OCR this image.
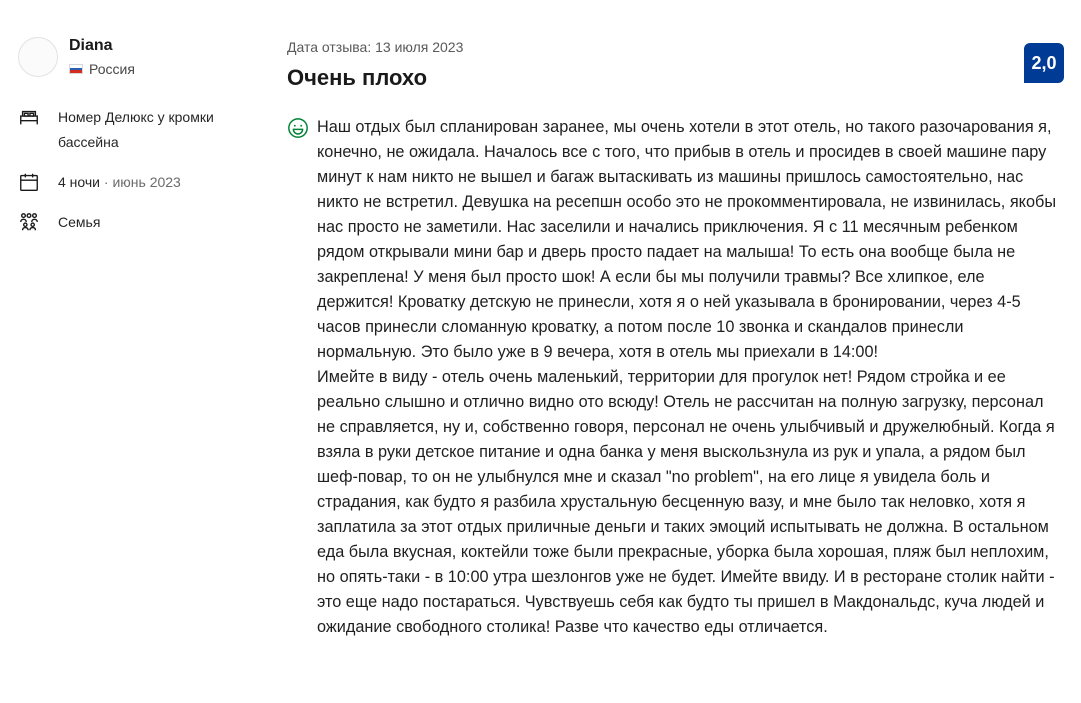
Diana
Россия
Номер Делюкс у кромки бассейна
4 ночи · июнь 2023
Семья
Дата отзыва: 13 июля 2023
Очень плохо
2,0

Наш отдых был спланирован заранее, мы очень хотели в этот отель, но такого разочарования я, конечно, не ожидала. Началось все с того, что прибыв в отель и просидев в своей машине пару минут к нам никто не вышел и багаж вытаскивать из машины пришлось самостоятельно, нас никто не встретил. Девушка на ресепшн особо это не прокомментировала, не извинилась, якобы нас просто не заметили. Нас заселили и начались приключения. Я с 11 месячным ребенком рядом открывали мини бар и дверь просто падает на малыша! То есть она вообще была не закреплена! У меня был просто шок! А если бы мы получили травмы? Все хлипкое, еле держится! Кроватку детскую не принесли, хотя я о ней указывала в бронировании, через 4-5 часов принесли сломанную кроватку, а потом после 10 звонка и скандалов принесли нормальную. Это было уже в 9 вечера, хотя в отель мы приехали в 14:00!

Имейте в виду - отель очень маленький, территории для прогулок нет! Рядом стройка и ее реально слышно и отлично видно ото всюду! Отель не рассчитан на полную загрузку, персонал не справляется, ну и, собственно говоря, персонал не очень улыбчивый и дружелюбный. Когда я взяла в руки детское питание и одна банка у меня выскользнула из рук и упала, а рядом был шеф-повар, то он не улыбнулся мне и сказал "no problem", на его лице я увидела боль и страдания, как будто я разбила хрустальную бесценную вазу, и мне было так неловко, хотя я заплатила за этот отдых приличные деньги и таких эмоций испытывать не должна. В остальном еда была вкусная, коктейли тоже были прекрасные, уборка была хорошая, пляж был неплохим, но опять-таки - в 10:00 утра шезлонгов уже не будет. Имейте ввиду. И в ресторане столик найти - это еще надо постараться. Чувствуешь себя как будто ты пришел в Макдональдс, куча людей и ожидание свободного столика! Разве что качество еды отличается.
